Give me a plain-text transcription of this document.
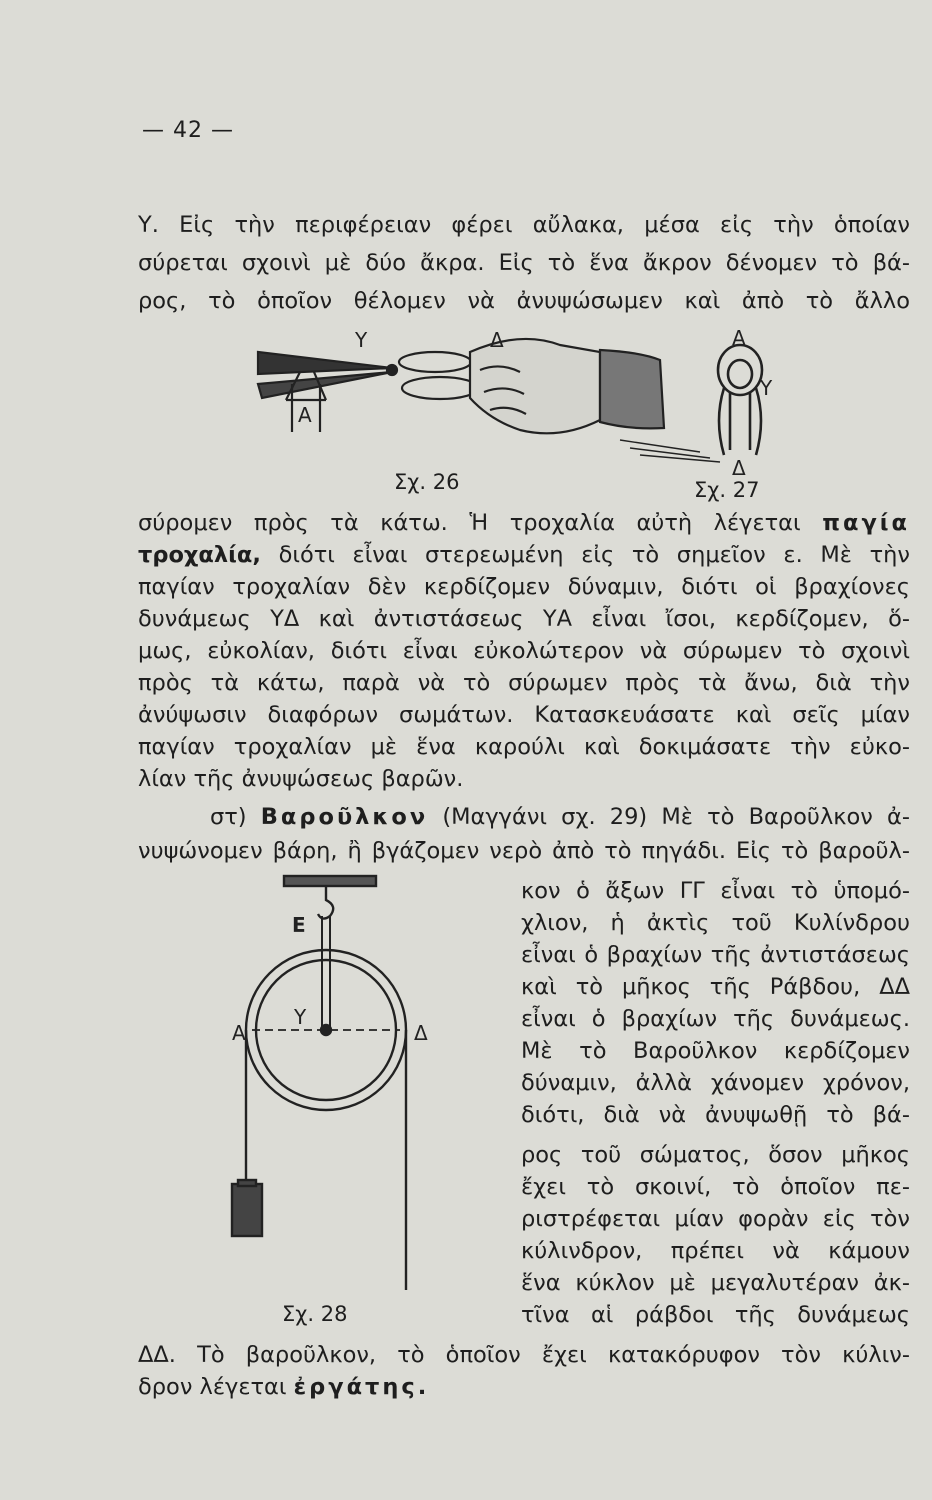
— 42 —
Υ. Εἰς τὴν περιφέρειαν φέρει αὔλακα, μέσα εἰς τὴν ὁποίαν
σύρεται σχοινὶ μὲ δύο ἄκρα. Εἰς τὸ ἕνα ἄκρον δένομεν τὸ βά-
ρος, τὸ ὁποῖον θέλομεν νὰ ἀνυψώσωμεν καὶ ἀπὸ τὸ ἄλλο
Υ	Δ
Α
Α
Υ
Δ
Σχ. 26	Σχ. 27
σύρομεν πρὸς τὰ κάτω. Ἡ τροχαλία αὐτὴ λέγεται παγία
τροχαλία, διότι εἶναι στερεωμένη εἰς τὸ σημεῖον ε. Μὲ τὴν
παγίαν τροχαλίαν δὲν κερδίζομεν δύναμιν, διότι οἱ βραχίονες
δυνάμεως ΥΔ καὶ ἀντιστάσεως ΥΑ εἶναι ἴσοι, κερδίζομεν, ὅ-
μως, εὐκολίαν, διότι εἶναι εὐκολώτερον νὰ σύρωμεν τὸ σχοινὶ
πρὸς τὰ κάτω, παρὰ νὰ τὸ σύρωμεν πρὸς τὰ ἄνω, διὰ τὴν
ἀνύψωσιν διαφόρων σωμάτων. Κατασκευάσατε καὶ σεῖς μίαν
παγίαν τροχαλίαν μὲ ἕνα καρούλι καὶ δοκιμάσατε τὴν εὐκο-
λίαν τῆς ἀνυψώσεως βαρῶν.
στ) Βαροῦλκον (Μαγγάνι σχ. 29) Μὲ τὸ Βαροῦλκον ἀ-
νυψώνομεν βάρη, ἢ βγάζομεν νερὸ ἀπὸ τὸ πηγάδι. Εἰς τὸ βαροῦλ-
κον ὁ ἄξων ΓΓ εἶναι τὸ ὑπομό-
χλιον, ἡ ἀκτὶς τοῦ Κυλίνδρου
εἶναι ὁ βραχίων τῆς ἀντιστάσεως
καὶ τὸ μῆκος τῆς Ράβδου, ΔΔ
εἶναι ὁ βραχίων τῆς δυνάμεως.
Μὲ τὸ Βαροῦλκον κερδίζομεν
δύναμιν, ἀλλὰ χάνομεν χρόνον,
διότι, διὰ νὰ ἀνυψωθῇ τὸ βά-
ρος τοῦ σώματος, ὅσον μῆκος
ἔχει τὸ σκοινί, τὸ ὁποῖον πε-
ριστρέφεται μίαν φορὰν εἰς τὸν
κύλινδρον, πρέπει νὰ κάμουν
ἕνα κύκλον μὲ μεγαλυτέραν ἀκ-
τῖνα αἱ ράβδοι τῆς δυνάμεως
Ε
Α
Υ
Δ
Σχ. 28
ΔΔ. Τὸ βαροῦλκον, τὸ ὁποῖον ἔχει κατακόρυφον τὸν κύλιν-
δρον λέγεται ἐργάτης.
